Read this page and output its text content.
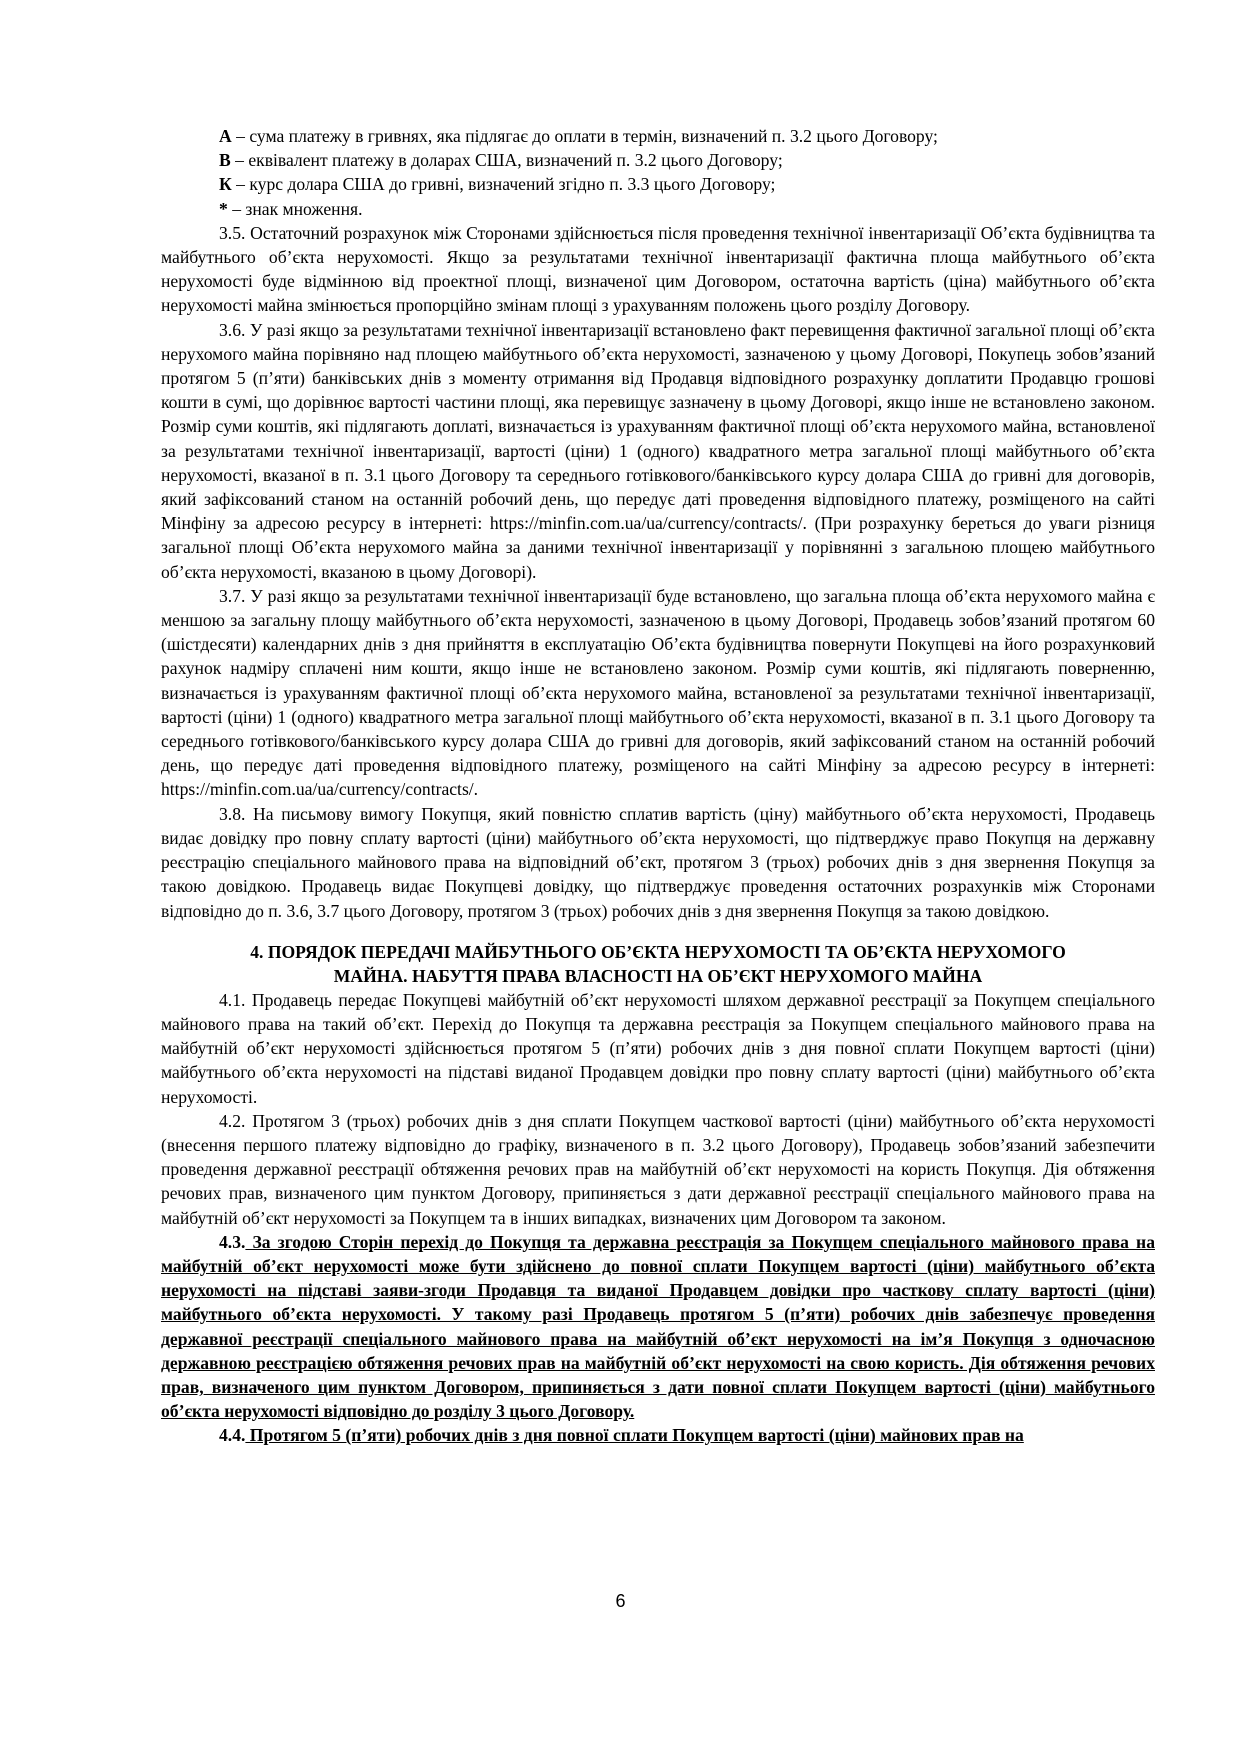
А – сума платежу в гривнях, яка підлягає до оплати в термін, визначений п. 3.2 цього Договору;

В – еквівалент платежу в доларах США, визначений п. 3.2 цього Договору;

К – курс долара США до гривні, визначений згідно п. 3.3 цього Договору;

* – знак множення.

3.5. Остаточний розрахунок між Сторонами здійснюється після проведення технічної інвентаризації Об’єкта будівництва та майбутнього об’єкта нерухомості. Якщо за результатами технічної інвентаризації фактична площа майбутнього об’єкта нерухомості буде відмінною від проектної площі, визначеної цим Договором, остаточна вартість (ціна) майбутнього об’єкта нерухомості майна змінюється пропорційно змінам площі з урахуванням положень цього розділу Договору.

3.6. У разі якщо за результатами технічної інвентаризації встановлено факт перевищення фактичної загальної площі об’єкта нерухомого майна порівняно над площею майбутнього об’єкта нерухомості, зазначеною у цьому Договорі, Покупець зобов’язаний протягом 5 (п’яти) банківських днів з моменту отримання від Продавця відповідного розрахунку доплатити Продавцю грошові кошти в сумі, що дорівнює вартості частини площі, яка перевищує зазначену в цьому Договорі, якщо інше не встановлено законом. Розмір суми коштів, які підлягають доплаті, визначається із урахуванням фактичної площі об’єкта нерухомого майна, встановленої за результатами технічної інвентаризації, вартості (ціни) 1 (одного) квадратного метра загальної площі майбутнього об’єкта нерухомості, вказаної в п. 3.1 цього Договору та середнього готівкового/банківського курсу долара США до гривні для договорів, який зафіксований станом на останній робочий день, що передує даті проведення відповідного платежу, розміщеного на сайті Мінфіну за адресою ресурсу в інтернеті: https://minfin.com.ua/ua/currency/contracts/. (При розрахунку береться до уваги різниця загальної площі Об’єкта нерухомого майна за даними технічної інвентаризації у порівнянні з загальною площею майбутнього об’єкта нерухомості, вказаною в цьому Договорі).

3.7. У разі якщо за результатами технічної інвентаризації буде встановлено, що загальна площа об’єкта нерухомого майна є меншою за загальну площу майбутнього об’єкта нерухомості, зазначеною в цьому Договорі, Продавець зобов’язаний протягом 60 (шістдесяти) календарних днів з дня прийняття в експлуатацію Об’єкта будівництва повернути Покупцеві на його розрахунковий рахунок надміру сплачені ним кошти, якщо інше не встановлено законом. Розмір суми коштів, які підлягають поверненню, визначається із урахуванням фактичної площі об’єкта нерухомого майна, встановленої за результатами технічної інвентаризації, вартості (ціни) 1 (одного) квадратного метра загальної площі майбутнього об’єкта нерухомості, вказаної в п. 3.1 цього Договору та середнього готівкового/банківського курсу долара США до гривні для договорів, який зафіксований станом на останній робочий день, що передує даті проведення відповідного платежу, розміщеного на сайті Мінфіну за адресою ресурсу в інтернеті: https://minfin.com.ua/ua/currency/contracts/.

3.8. На письмову вимогу Покупця, який повністю сплатив вартість (ціну) майбутнього об’єкта нерухомості, Продавець видає довідку про повну сплату вартості (ціни) майбутнього об’єкта нерухомості, що підтверджує право Покупця на державну реєстрацію спеціального майнового права на відповідний об’єкт, протягом 3 (трьох) робочих днів з дня звернення Покупця за такою довідкою. Продавець видає Покупцеві довідку, що підтверджує проведення остаточних розрахунків між Сторонами відповідно до п. 3.6, 3.7 цього Договору, протягом 3 (трьох) робочих днів з дня звернення Покупця за такою довідкою.

4. ПОРЯДОК ПЕРЕДАЧІ МАЙБУТНЬОГО ОБ’ЄКТА НЕРУХОМОСТІ ТА ОБ’ЄКТА НЕРУХОМОГО
МАЙНА. НАБУТТЯ ПРАВА ВЛАСНОСТІ НА ОБ’ЄКТ НЕРУХОМОГО МАЙНА

4.1. Продавець передає Покупцеві майбутній об’єкт нерухомості шляхом державної реєстрації за Покупцем спеціального майнового права на такий об’єкт. Перехід до Покупця та державна реєстрація за Покупцем спеціального майнового права на майбутній об’єкт нерухомості здійснюється протягом 5 (п’яти) робочих днів з дня повної сплати Покупцем вартості (ціни) майбутнього об’єкта нерухомості на підставі виданої Продавцем довідки про повну сплату вартості (ціни) майбутнього об’єкта нерухомості.

4.2. Протягом 3 (трьох) робочих днів з дня сплати Покупцем часткової вартості (ціни) майбутнього об’єкта нерухомості (внесення першого платежу відповідно до графіку, визначеного в п. 3.2 цього Договору), Продавець зобов’язаний забезпечити проведення державної реєстрації обтяження речових прав на майбутній об’єкт нерухомості на користь Покупця. Дія обтяження речових прав, визначеного цим пунктом Договору, припиняється з дати державної реєстрації спеціального майнового права на майбутній об’єкт нерухомості за Покупцем та в інших випадках, визначених цим Договором та законом.

4.3. За згодою Сторін перехід до Покупця та державна реєстрація за Покупцем спеціального майнового права на майбутній об’єкт нерухомості може бути здійснено до повної сплати Покупцем вартості (ціни) майбутнього об’єкта нерухомості на підставі заяви-згоди Продавця та виданої Продавцем довідки про часткову сплату вартості (ціни) майбутнього об’єкта нерухомості. У такому разі Продавець протягом 5 (п’яти) робочих днів забезпечує проведення державної реєстрації спеціального майнового права на майбутній об’єкт нерухомості на ім’я Покупця з одночасною державною реєстрацією обтяження речових прав на майбутній об’єкт нерухомості на свою користь. Дія обтяження речових прав, визначеного цим пунктом Договором, припиняється з дати повної сплати Покупцем вартості (ціни) майбутнього об’єкта нерухомості відповідно до розділу 3 цього Договору.

4.4. Протягом 5 (п’яти) робочих днів з дня повної сплати Покупцем вартості (ціни) майнових прав на

6
